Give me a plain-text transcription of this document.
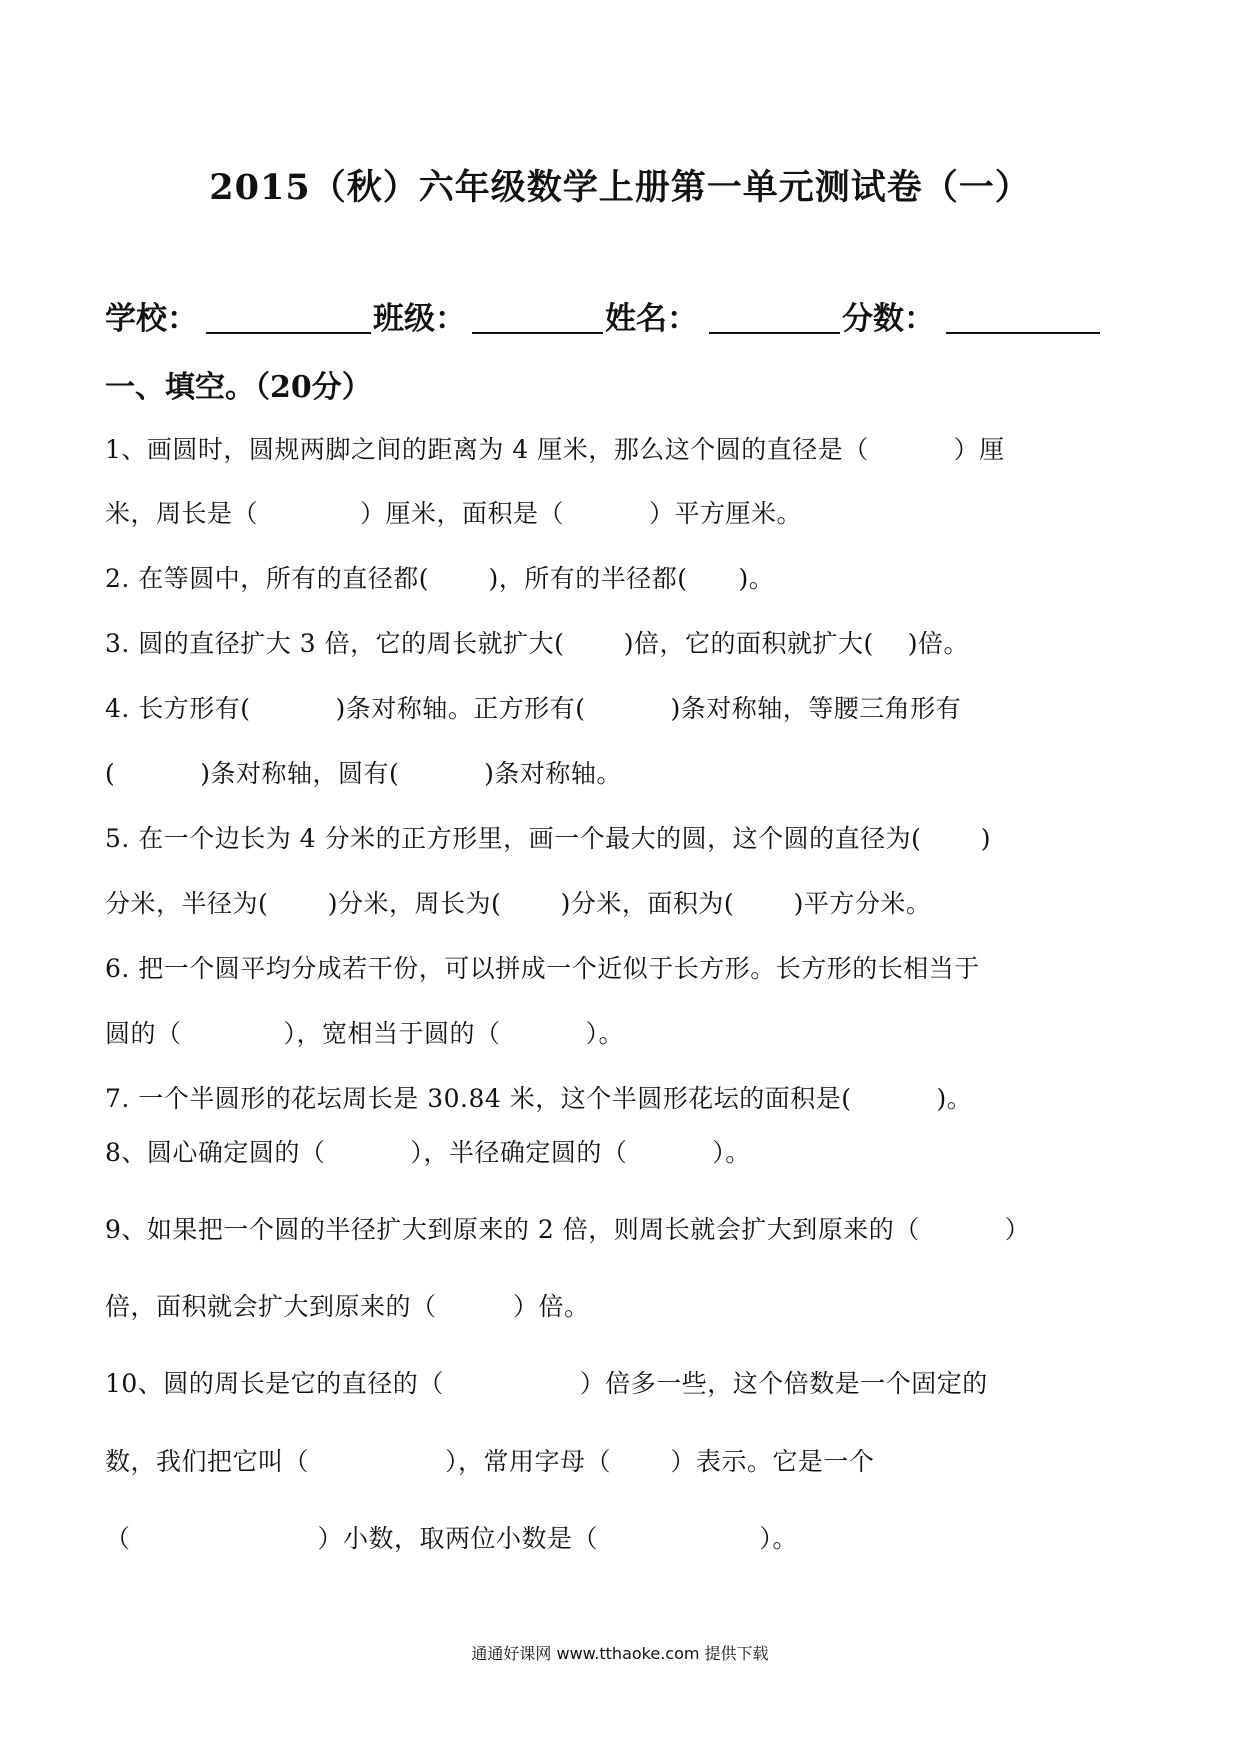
2015（秋）六年级数学上册第一单元测试卷（一）
学校：	班级：	姓名：	分数：
一、填空。（20分）
1、画圆时，圆规两脚之间的距离为 4 厘米，那么这个圆的直径是（　　　 ）厘
米，周长是（　　　　）厘米，面积是（　　　 ）平方厘米。
2. 在等圆中，所有的直径都(　　 )，所有的半径都(　　)。
3. 圆的直径扩大 3 倍，它的周长就扩大(　　 )倍，它的面积就扩大(　 )倍。
4. 长方形有(　　　 )条对称轴。正方形有(　　　 )条对称轴，等腰三角形有
(　　　 )条对称轴，圆有(　　　 )条对称轴。
5. 在一个边长为 4 分米的正方形里，画一个最大的圆，这个圆的直径为(　　 )
分米，半径为(　　 )分米，周长为(　　 )分米，面积为(　　 )平方分米。
6. 把一个圆平均分成若干份，可以拼成一个近似于长方形。长方形的长相当于
圆的（　　　　），宽相当于圆的（　　　 ）。
7. 一个半圆形的花坛周长是 30.84 米，这个半圆形花坛的面积是(　　　 )。
8、圆心确定圆的（　　　 ），半径确定圆的（　　　 ）。
9、如果把一个圆的半径扩大到原来的 2 倍，则周长就会扩大到原来的（　　　 ）
倍，面积就会扩大到原来的（　　　）倍。
10、圆的周长是它的直径的（　　　　　 ）倍多一些，这个倍数是一个固定的
数，我们把它叫（　　　　　 ），常用字母（　　 ）表示。它是一个
（　　　　　　　 ）小数，取两位小数是（　　　　　　 ）。
通通好课网 www.tthaoke.com 提供下载
